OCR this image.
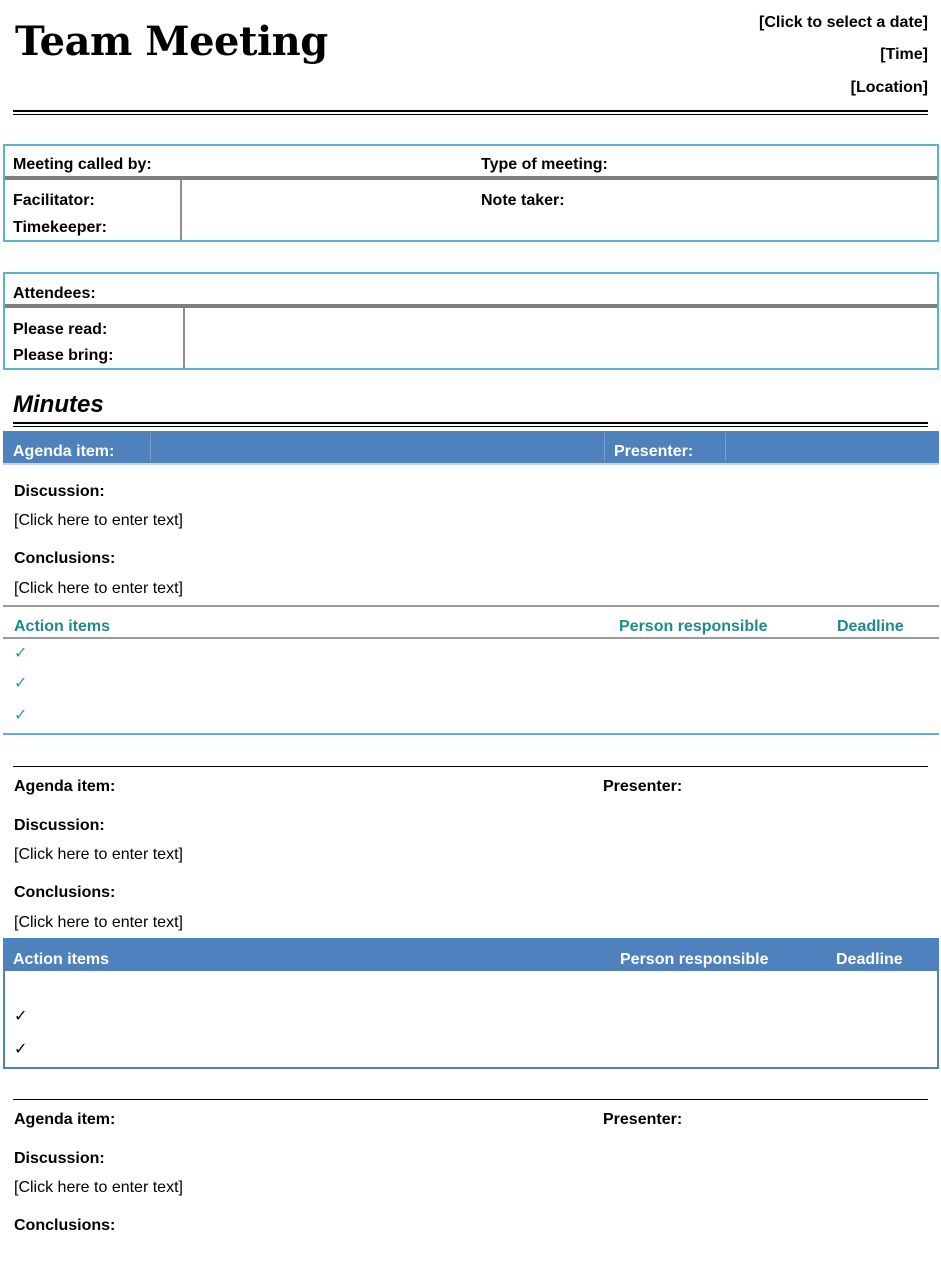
Team Meeting	[Click to select a date]
[Time]
[Location]
Meeting called by:	Type of meeting:
Facilitator:	Note taker:
Timekeeper:
Attendees:
Please read:
Please bring:
Minutes
Agenda item:	Presenter:
Discussion:
[Click here to enter text]
Conclusions:
[Click here to enter text]
Action items	Person responsible	Deadline
✓
✓
✓
Agenda item:	Presenter:
Discussion:
[Click here to enter text]
Conclusions:
[Click here to enter text]
Action items	Person responsible	Deadline
✓
✓
Agenda item:	Presenter:
Discussion:
[Click here to enter text]
Conclusions:
